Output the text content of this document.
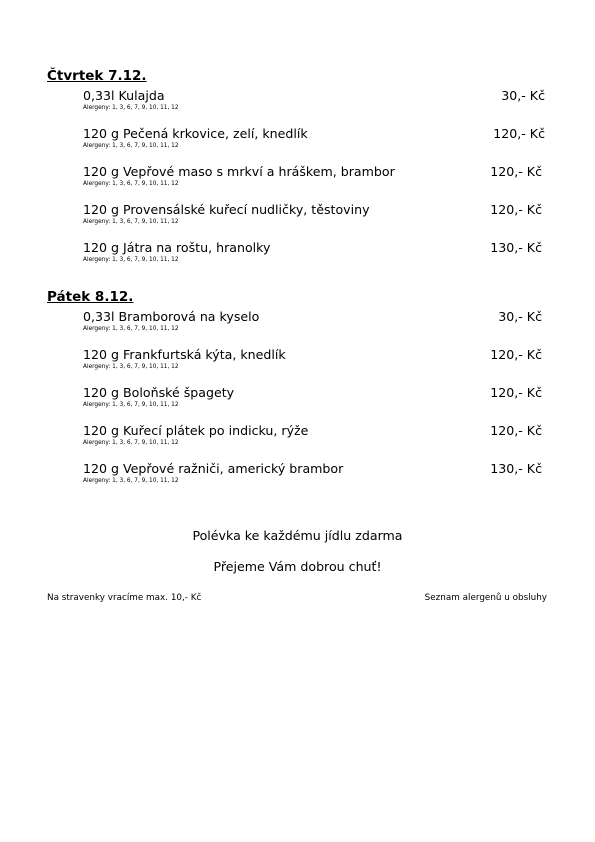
Čtvrtek 7.12.
0,33l Kulajda	30,- Kč
Alergeny: 1, 3, 6, 7, 9, 10, 11, 12
120 g Pečená krkovice, zelí, knedlík	120,- Kč
Alergeny: 1, 3, 6, 7, 9, 10, 11, 12
120 g Vepřové maso s mrkví a hráškem, brambor	120,- Kč
Alergeny: 1, 3, 6, 7, 9, 10, 11, 12
120 g Provensálské kuřecí nudličky, těstoviny	120,- Kč
Alergeny: 1, 3, 6, 7, 9, 10, 11, 12
120 g Játra na roštu, hranolky	130,- Kč
Alergeny: 1, 3, 6, 7, 9, 10, 11, 12
Pátek 8.12.
0,33l Bramborová na kyselo	30,- Kč
Alergeny: 1, 3, 6, 7, 9, 10, 11, 12
120 g Frankfurtská kýta, knedlík	120,- Kč
Alergeny: 1, 3, 6, 7, 9, 10, 11, 12
120 g Boloňské špagety	120,- Kč
Alergeny: 1, 3, 6, 7, 9, 10, 11, 12
120 g Kuřecí plátek po indicku, rýže	120,- Kč
Alergeny: 1, 3, 6, 7, 9, 10, 11, 12
120 g Vepřové ražniči, americký brambor	130,- Kč
Alergeny: 1, 3, 6, 7, 9, 10, 11, 12
Polévka ke každému jídlu zdarma
Přejeme Vám dobrou chuť!
Na stravenky vracíme max. 10,- Kč	Seznam alergenů u obsluhy
